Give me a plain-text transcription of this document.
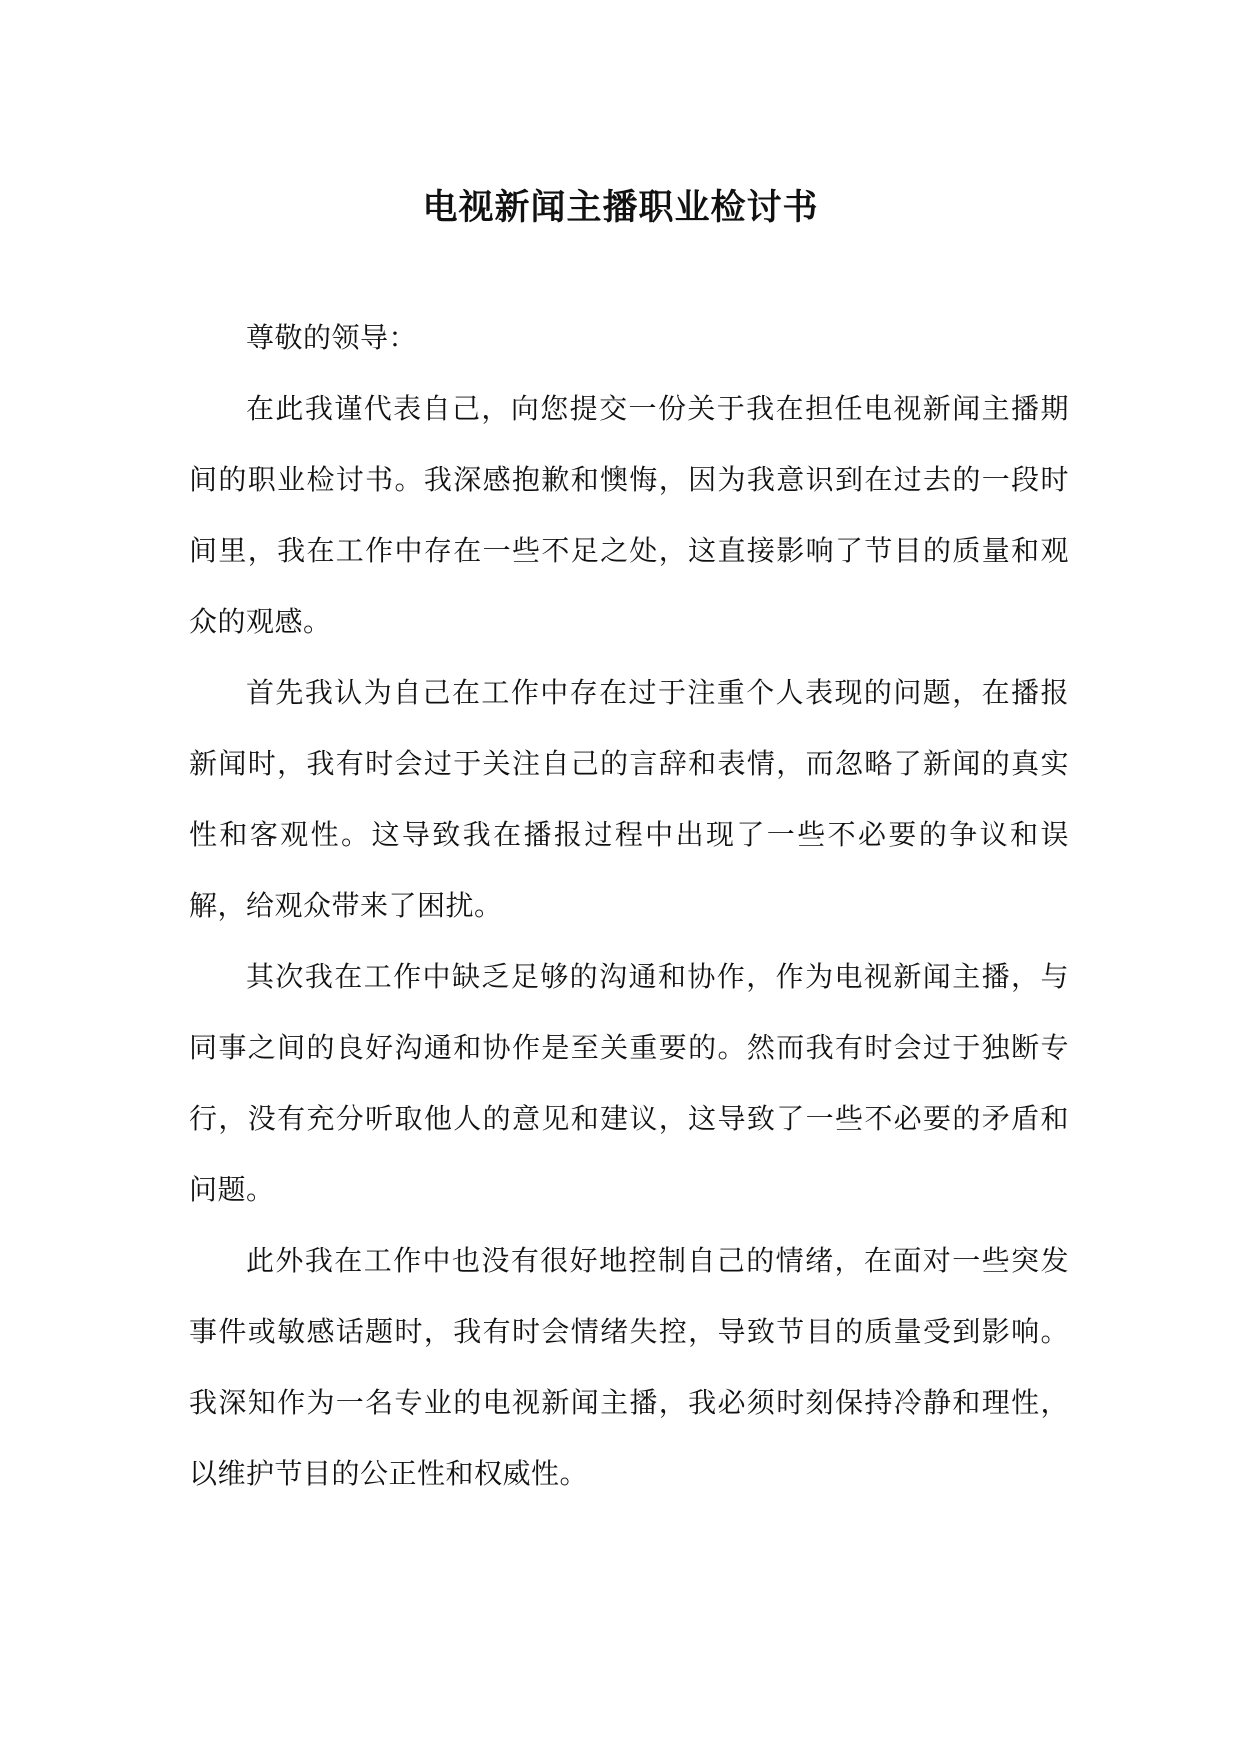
电视新闻主播职业检讨书

尊敬的领导：

在此我谨代表自己，向您提交一份关于我在担任电视新闻主播期间的职业检讨书。我深感抱歉和懊悔，因为我意识到在过去的一段时间里，我在工作中存在一些不足之处，这直接影响了节目的质量和观众的观感。

首先我认为自己在工作中存在过于注重个人表现的问题，在播报新闻时，我有时会过于关注自己的言辞和表情，而忽略了新闻的真实性和客观性。这导致我在播报过程中出现了一些不必要的争议和误解，给观众带来了困扰。

其次我在工作中缺乏足够的沟通和协作，作为电视新闻主播，与同事之间的良好沟通和协作是至关重要的。然而我有时会过于独断专行，没有充分听取他人的意见和建议，这导致了一些不必要的矛盾和问题。

此外我在工作中也没有很好地控制自己的情绪，在面对一些突发事件或敏感话题时，我有时会情绪失控，导致节目的质量受到影响。我深知作为一名专业的电视新闻主播，我必须时刻保持冷静和理性，以维护节目的公正性和权威性。
